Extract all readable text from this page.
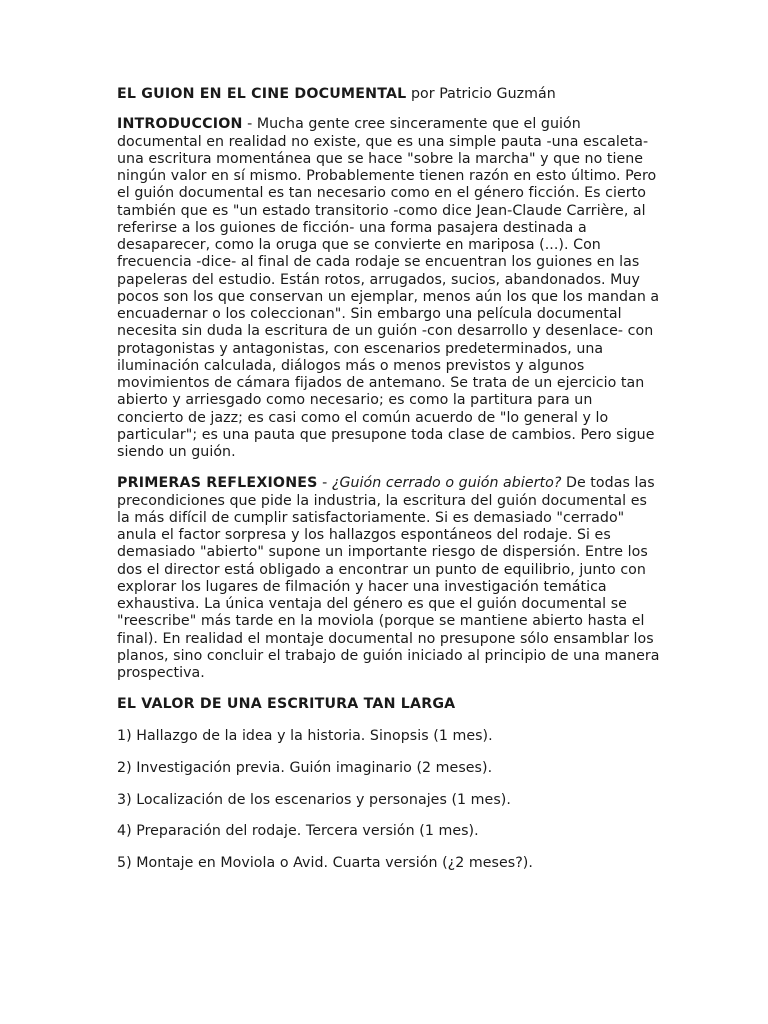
EL GUION EN EL CINE DOCUMENTAL por Patricio Guzmán

INTRODUCCION - Mucha gente cree sinceramente que el guión documental en realidad no existe, que es una simple pauta -una escaleta- una escritura momentánea que se hace "sobre la marcha" y que no tiene ningún valor en sí mismo. Probablemente tienen razón en esto último. Pero el guión documental es tan necesario como en el género ficción. Es cierto también que es "un estado transitorio -como dice Jean-Claude Carrière, al referirse a los guiones de ficción- una forma pasajera destinada a desaparecer, como la oruga que se convierte en mariposa (...). Con frecuencia -dice- al final de cada rodaje se encuentran los guiones en las papeleras del estudio. Están rotos, arrugados, sucios, abandonados. Muy pocos son los que conservan un ejemplar, menos aún los que los mandan a encuadernar o los coleccionan". Sin embargo una película documental necesita sin duda la escritura de un guión -con desarrollo y desenlace- con protagonistas y antagonistas, con escenarios predeterminados, una iluminación calculada, diálogos más o menos previstos y algunos movimientos de cámara fijados de antemano. Se trata de un ejercicio tan abierto y arriesgado como necesario; es como la partitura para un concierto de jazz; es casi como el común acuerdo de "lo general y lo particular"; es una pauta que presupone toda clase de cambios. Pero sigue siendo un guión.

PRIMERAS REFLEXIONES - ¿Guión cerrado o guión abierto? De todas las precondiciones que pide la industria, la escritura del guión documental es la más difícil de cumplir satisfactoriamente. Si es demasiado "cerrado" anula el factor sorpresa y los hallazgos espontáneos del rodaje. Si es demasiado "abierto" supone un importante riesgo de dispersión. Entre los dos el director está obligado a encontrar un punto de equilibrio, junto con explorar los lugares de filmación y hacer una investigación temática exhaustiva. La única ventaja del género es que el guión documental se "reescribe" más tarde en la moviola (porque se mantiene abierto hasta el final). En realidad el montaje documental no presupone sólo ensamblar los planos, sino concluir el trabajo de guión iniciado al principio de una manera prospectiva.

EL VALOR DE UNA ESCRITURA TAN LARGA

1) Hallazgo de la idea y la historia. Sinopsis (1 mes).

2) Investigación previa. Guión imaginario (2 meses).

3) Localización de los escenarios y personajes (1 mes).

4) Preparación del rodaje. Tercera versión (1 mes).

5) Montaje en Moviola o Avid. Cuarta versión (¿2 meses?).
